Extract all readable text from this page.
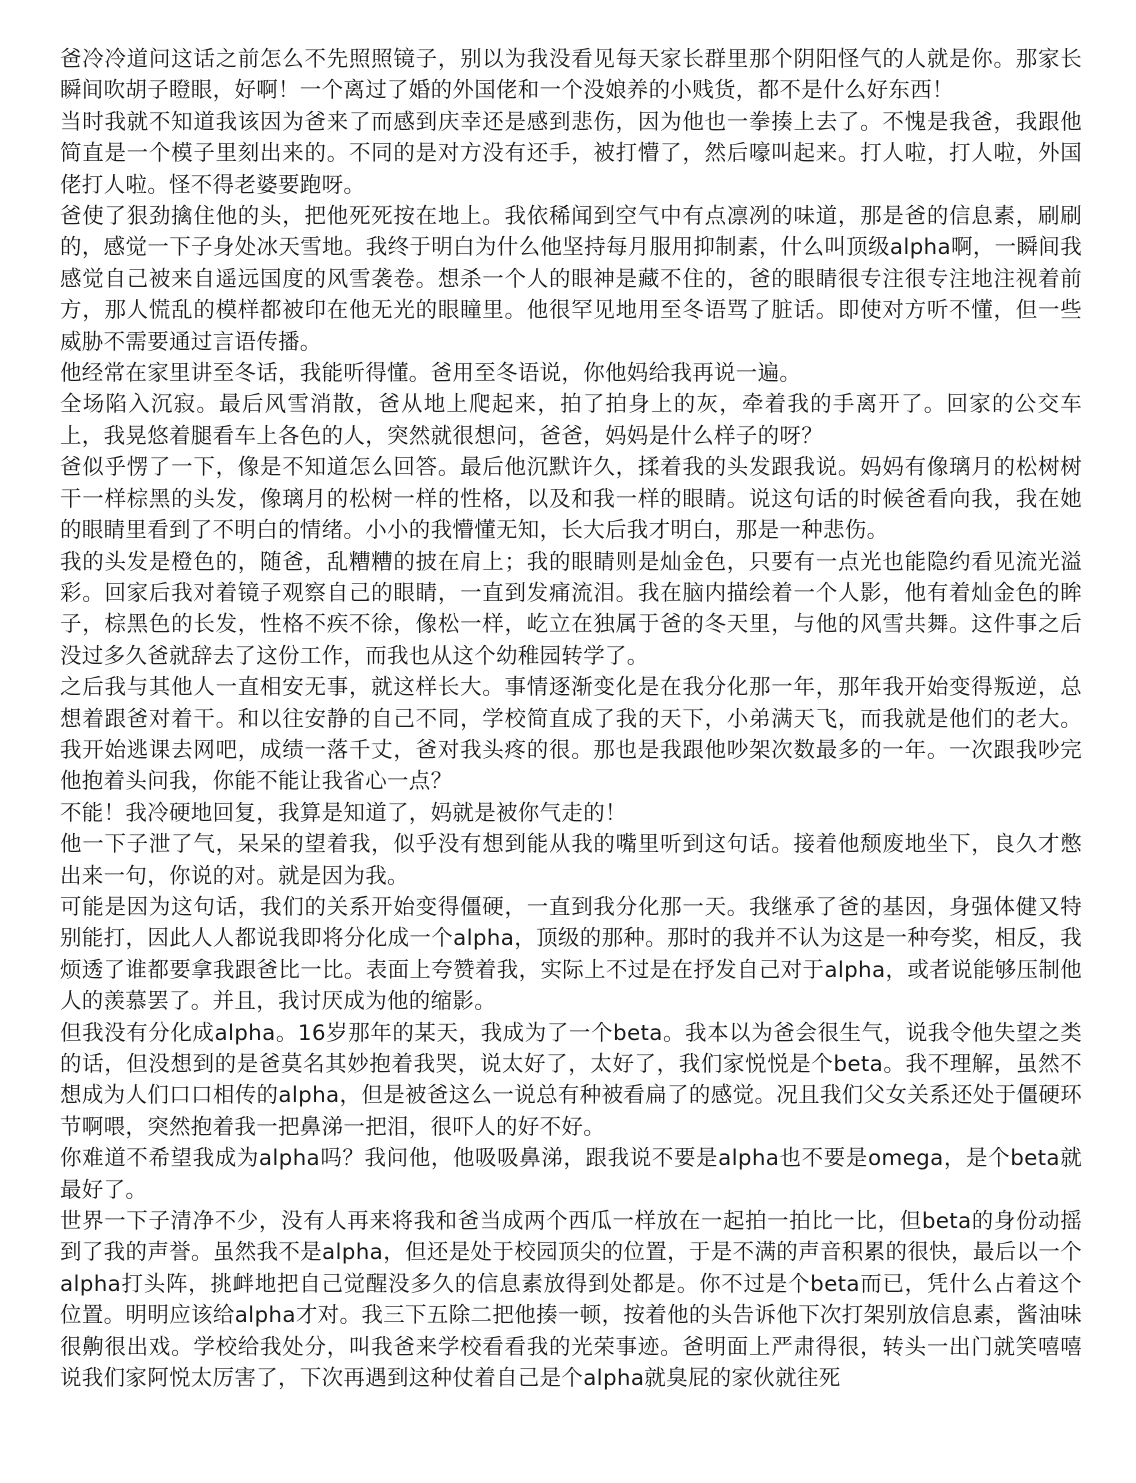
爸冷冷道问这话之前怎么不先照照镜子，别以为我没看见每天家长群里那个阴阳怪气的人就是你。那家长瞬间吹胡子瞪眼，好啊！一个离过了婚的外国佬和一个没娘养的小贱货，都不是什么好东西！

当时我就不知道我该因为爸来了而感到庆幸还是感到悲伤，因为他也一拳揍上去了。不愧是我爸，我跟他简直是一个模子里刻出来的。不同的是对方没有还手，被打懵了，然后嚎叫起来。打人啦，打人啦，外国佬打人啦。怪不得老婆要跑呀。

爸使了狠劲擒住他的头，把他死死按在地上。我依稀闻到空气中有点凛冽的味道，那是爸的信息素，刷刷的，感觉一下子身处冰天雪地。我终于明白为什么他坚持每月服用抑制素，什么叫顶级alpha啊，一瞬间我感觉自己被来自遥远国度的风雪袭卷。想杀一个人的眼神是藏不住的，爸的眼睛很专注很专注地注视着前方，那人慌乱的模样都被印在他无光的眼瞳里。他很罕见地用至冬语骂了脏话。即使对方听不懂，但一些威胁不需要通过言语传播。

他经常在家里讲至冬话，我能听得懂。爸用至冬语说，你他妈给我再说一遍。

全场陷入沉寂。最后风雪消散，爸从地上爬起来，拍了拍身上的灰，牵着我的手离开了。回家的公交车上，我晃悠着腿看车上各色的人，突然就很想问，爸爸，妈妈是什么样子的呀？

爸似乎愣了一下，像是不知道怎么回答。最后他沉默许久，揉着我的头发跟我说。妈妈有像璃月的松树树干一样棕黑的头发，像璃月的松树一样的性格，以及和我一样的眼睛。说这句话的时候爸看向我，我在她的眼睛里看到了不明白的情绪。小小的我懵懂无知，长大后我才明白，那是一种悲伤。

我的头发是橙色的，随爸，乱糟糟的披在肩上；我的眼睛则是灿金色，只要有一点光也能隐约看见流光溢彩。回家后我对着镜子观察自己的眼睛，一直到发痛流泪。我在脑内描绘着一个人影，他有着灿金色的眸子，棕黑色的长发，性格不疾不徐，像松一样，屹立在独属于爸的冬天里，与他的风雪共舞。这件事之后没过多久爸就辞去了这份工作，而我也从这个幼稚园转学了。

之后我与其他人一直相安无事，就这样长大。事情逐渐变化是在我分化那一年，那年我开始变得叛逆，总想着跟爸对着干。和以往安静的自己不同，学校简直成了我的天下，小弟满天飞，而我就是他们的老大。我开始逃课去网吧，成绩一落千丈，爸对我头疼的很。那也是我跟他吵架次数最多的一年。一次跟我吵完他抱着头问我，你能不能让我省心一点？

不能！我冷硬地回复，我算是知道了，妈就是被你气走的！

他一下子泄了气，呆呆的望着我，似乎没有想到能从我的嘴里听到这句话。接着他颓废地坐下，良久才憋出来一句，你说的对。就是因为我。

可能是因为这句话，我们的关系开始变得僵硬，一直到我分化那一天。我继承了爸的基因，身强体健又特别能打，因此人人都说我即将分化成一个alpha，顶级的那种。那时的我并不认为这是一种夸奖，相反，我烦透了谁都要拿我跟爸比一比。表面上夸赞着我，实际上不过是在抒发自己对于alpha，或者说能够压制他人的羡慕罢了。并且，我讨厌成为他的缩影。

但我没有分化成alpha。16岁那年的某天，我成为了一个beta。我本以为爸会很生气，说我令他失望之类的话，但没想到的是爸莫名其妙抱着我哭，说太好了，太好了，我们家悦悦是个beta。我不理解，虽然不想成为人们口口相传的alpha，但是被爸这么一说总有种被看扁了的感觉。况且我们父女关系还处于僵硬环节啊喂，突然抱着我一把鼻涕一把泪，很吓人的好不好。

你难道不希望我成为alpha吗？我问他，他吸吸鼻涕，跟我说不要是alpha也不要是omega，是个beta就最好了。

世界一下子清净不少，没有人再来将我和爸当成两个西瓜一样放在一起拍一拍比一比，但beta的身份动摇到了我的声誉。虽然我不是alpha，但还是处于校园顶尖的位置，于是不满的声音积累的很快，最后以一个alpha打头阵，挑衅地把自己觉醒没多久的信息素放得到处都是。你不过是个beta而已，凭什么占着这个位置。明明应该给alpha才对。我三下五除二把他揍一顿，按着他的头告诉他下次打架别放信息素，酱油味很齁很出戏。学校给我处分，叫我爸来学校看看我的光荣事迹。爸明面上严肃得很，转头一出门就笑嘻嘻说我们家阿悦太厉害了，下次再遇到这种仗着自己是个alpha就臭屁的家伙就往死
